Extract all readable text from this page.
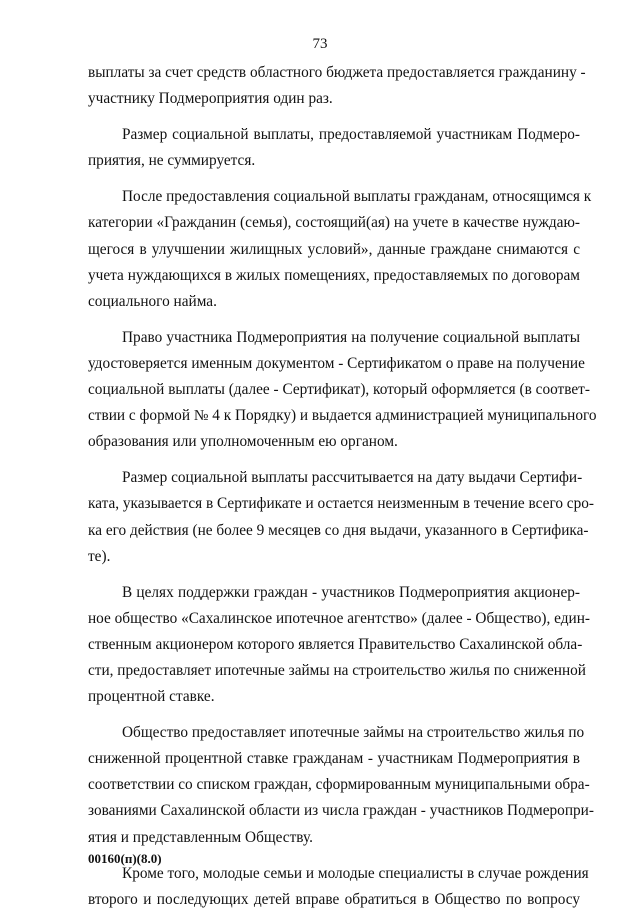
73
выплаты за счет средств областного бюджета предоставляется гражданину -
участнику Подмероприятия один раз.
Размер социальной выплаты, предоставляемой участникам Подмеро-
приятия, не суммируется.
После предоставления социальной выплаты гражданам, относящимся к
категории «Гражданин (семья), состоящий(ая) на учете в качестве нуждаю-
щегося в улучшении жилищных условий», данные граждане снимаются с
учета нуждающихся в жилых помещениях, предоставляемых по договорам
социального найма.
Право участника Подмероприятия на получение социальной выплаты
удостоверяется именным документом - Сертификатом о праве на получение
социальной выплаты (далее - Сертификат), который оформляется (в соответ-
ствии с формой № 4 к Порядку) и выдается администрацией муниципального
образования или уполномоченным ею органом.
Размер социальной выплаты рассчитывается на дату выдачи Сертифи-
ката, указывается в Сертификате и остается неизменным в течение всего сро-
ка его действия (не более 9 месяцев со дня выдачи, указанного в Сертифика-
те).
В целях поддержки граждан - участников Подмероприятия акционер-
ное общество «Сахалинское ипотечное агентство» (далее - Общество), един-
ственным акционером которого является Правительство Сахалинской обла-
сти, предоставляет ипотечные займы на строительство жилья по сниженной
процентной ставке.
Общество предоставляет ипотечные займы на строительство жилья по
сниженной процентной ставке гражданам - участникам Подмероприятия в
соответствии со списком граждан, сформированным муниципальными обра-
зованиями Сахалинской области из числа граждан - участников Подмеропри-
ятия и представленным Обществу.
Кроме того, молодые семьи и молодые специалисты в случае рождения
второго и последующих детей вправе обратиться в Общество по вопросу
00160(п)(8.0)
